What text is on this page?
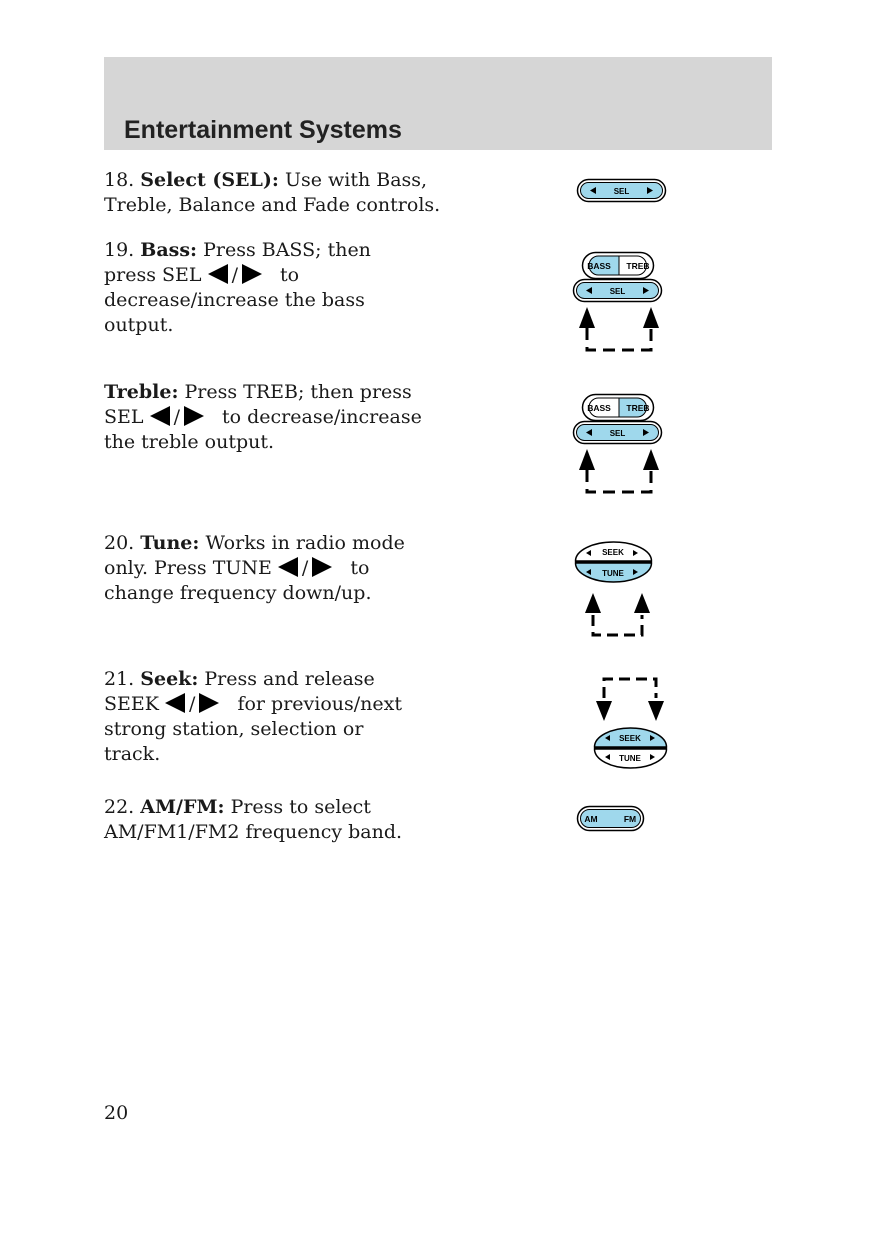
Entertainment Systems
18. Select (SEL): Use with Bass, Treble, Balance and Fade controls.
19. Bass: Press BASS; then press SEL / to decrease/increase the bass output.
Treble: Press TREB; then press SEL / to decrease/increase the treble output.
20. Tune: Works in radio mode only. Press TUNE / to change frequency down/up.
21. Seek: Press and release SEEK / for previous/next strong station, selection or track.
22. AM/FM: Press to select AM/FM1/FM2 frequency band.
SEL
BASS TREB
SEL
BASS TREB
SEL
SEEK
TUNE
SEEK
TUNE
AM	FM
20
